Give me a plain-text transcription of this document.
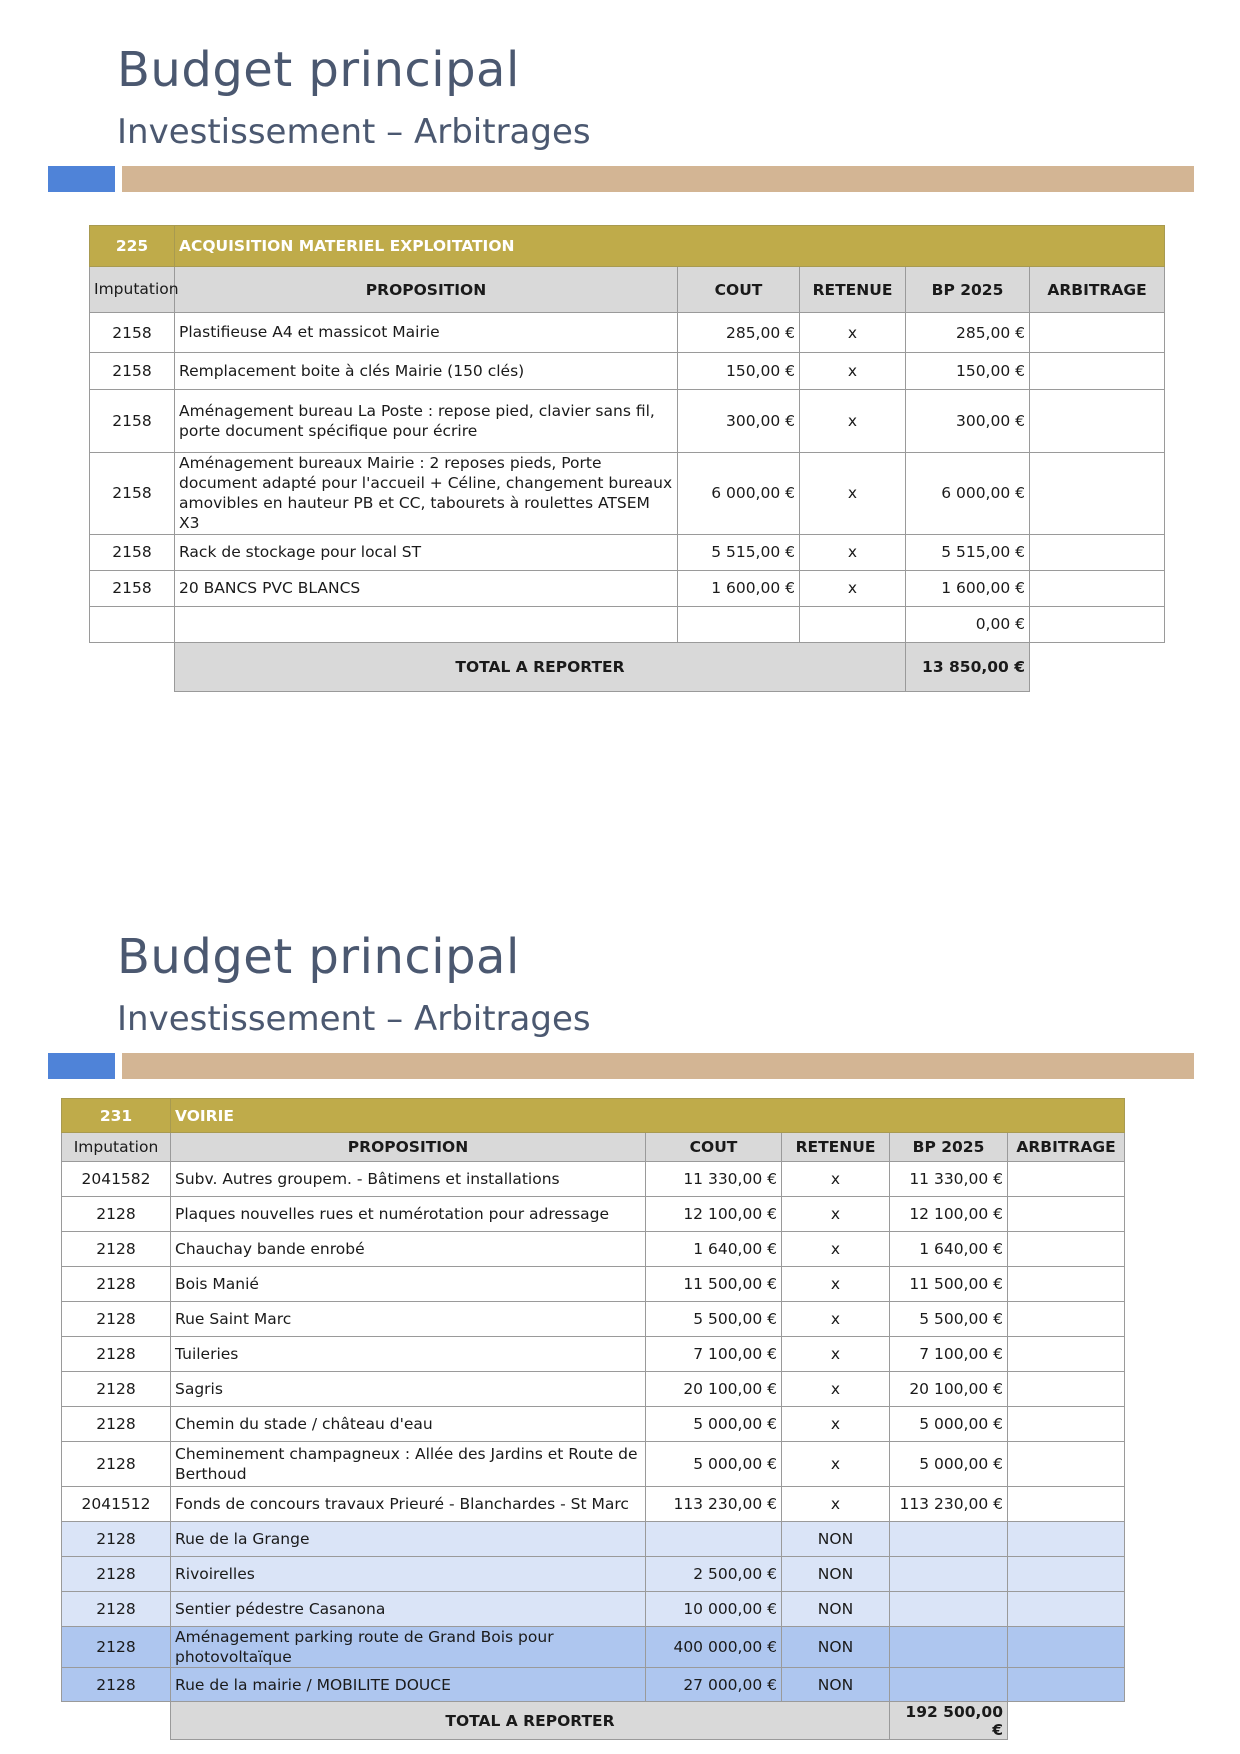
Budget principal
Investissement – Arbitrages
225	ACQUISITION MATERIEL EXPLOITATION				
Imputation	PROPOSITION	COUT	RETENUE	BP 2025	ARBITRAGE
2158	Plastifieuse A4 et massicot Mairie	285,00 €	x	285,00 €	
2158	Remplacement boite à clés Mairie (150 clés)	150,00 €	x	150,00 €	
2158	Aménagement bureau La Poste : repose pied, clavier sans fil, porte document spécifique pour écrire	300,00 €	x	300,00 €	
2158	Aménagement bureaux Mairie : 2 reposes pieds, Porte document adapté pour l'accueil + Céline, changement bureaux amovibles en hauteur PB et CC, tabourets à roulettes ATSEM X3	6 000,00 €	x	6 000,00 €	
2158	Rack de stockage pour local ST	5 515,00 €	x	5 515,00 €	
2158	20 BANCS PVC BLANCS	1 600,00 €	x	1 600,00 €	
				0,00 €	
	TOTAL A REPORTER			13 850,00 €	
Budget principal
Investissement – Arbitrages
231	VOIRIE				
Imputation	PROPOSITION	COUT	RETENUE	BP 2025	ARBITRAGE
2041582	Subv. Autres groupem. - Bâtimens et installations	11 330,00 €	x	11 330,00 €	
2128	Plaques nouvelles rues et numérotation pour adressage	12 100,00 €	x	12 100,00 €	
2128	Chauchay bande enrobé	1 640,00 €	x	1 640,00 €	
2128	Bois Manié	11 500,00 €	x	11 500,00 €	
2128	Rue Saint Marc	5 500,00 €	x	5 500,00 €	
2128	Tuileries	7 100,00 €	x	7 100,00 €	
2128	Sagris	20 100,00 €	x	20 100,00 €	
2128	Chemin du stade / château d'eau	5 000,00 €	x	5 000,00 €	
2128	Cheminement champagneux : Allée des Jardins et Route de Berthoud	5 000,00 €	x	5 000,00 €	
2041512	Fonds de concours travaux Prieuré - Blanchardes - St Marc	113 230,00 €	x	113 230,00 €	
2128	Rue de la Grange		NON		
2128	Rivoirelles	2 500,00 €	NON		
2128	Sentier pédestre Casanona	10 000,00 €	NON		
2128	Aménagement parking route de Grand Bois pour photovoltaïque	400 000,00 €	NON		
2128	Rue de la mairie / MOBILITE DOUCE	27 000,00 €	NON		
	TOTAL A REPORTER			192 500,00 €	
